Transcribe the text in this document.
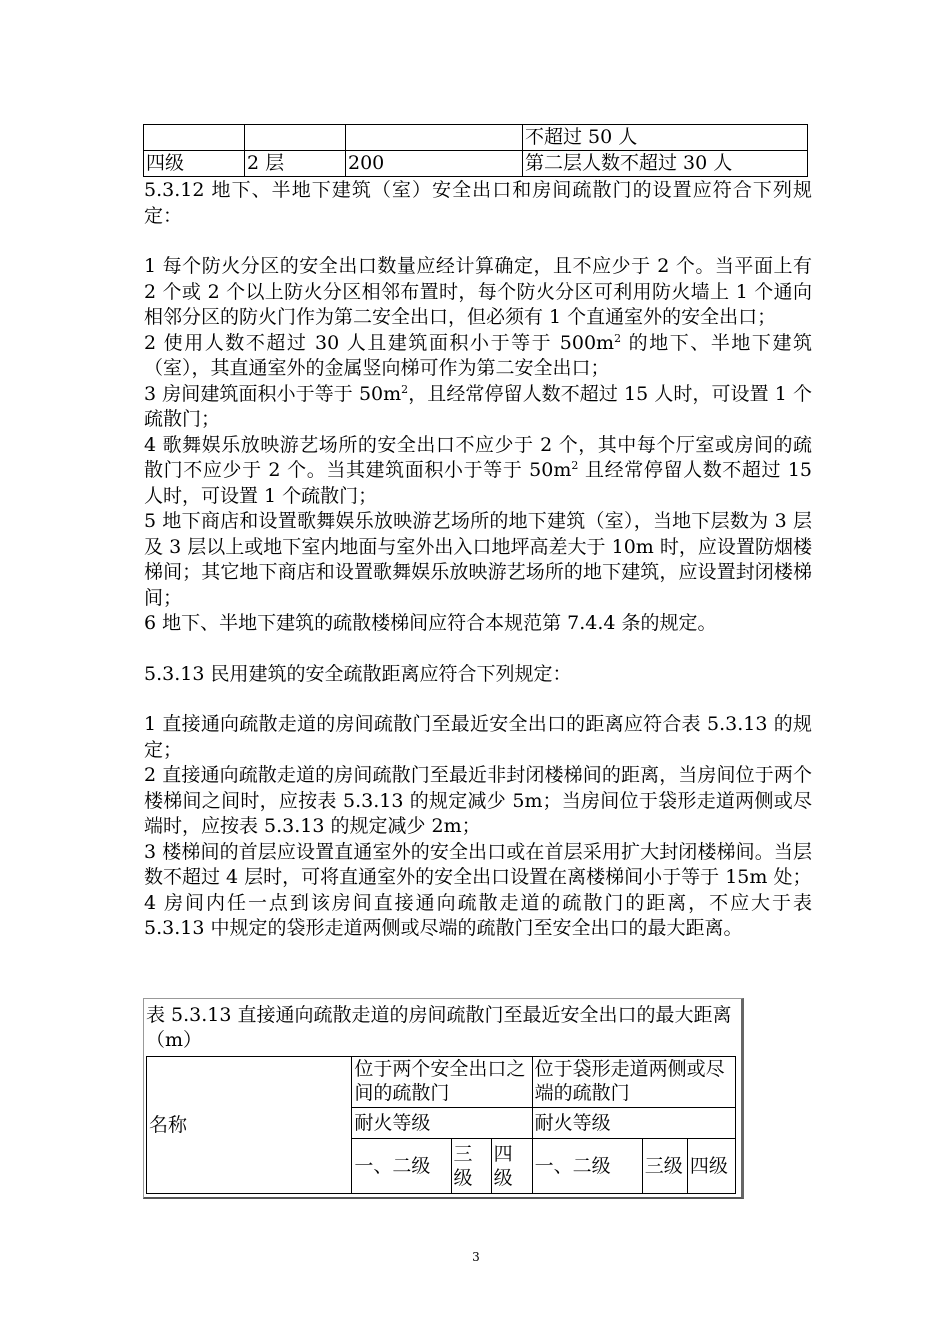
			不超过 50 人
四级	2 层	200	第二层人数不超过 30 人

5.3.12 地下、半地下建筑（室）安全出口和房间疏散门的设置应符合下列规定：

1 每个防火分区的安全出口数量应经计算确定，且不应少于 2 个。当平面上有 2 个或 2 个以上防火分区相邻布置时，每个防火分区可利用防火墙上 1 个通向相邻分区的防火门作为第二安全出口，但必须有 1 个直通室外的安全出口；

2 使用人数不超过 30 人且建筑面积小于等于 $500m^2$ 的地下、半地下建筑（室），其直通室外的金属竖向梯可作为第二安全出口；

3 房间建筑面积小于等于 $50m^2$，且经常停留人数不超过 15 人时，可设置 1 个疏散门；

4 歌舞娱乐放映游艺场所的安全出口不应少于 2 个，其中每个厅室或房间的疏散门不应少于 2 个。当其建筑面积小于等于 $50m^2$ 且经常停留人数不超过 15 人时，可设置 1 个疏散门；

5 地下商店和设置歌舞娱乐放映游艺场所的地下建筑（室），当地下层数为 3 层及 3 层以上或地下室内地面与室外出入口地坪高差大于 10m 时，应设置防烟楼梯间；其它地下商店和设置歌舞娱乐放映游艺场所的地下建筑，应设置封闭楼梯间；

6 地下、半地下建筑的疏散楼梯间应符合本规范第 7.4.4 条的规定。

5.3.13 民用建筑的安全疏散距离应符合下列规定：

1 直接通向疏散走道的房间疏散门至最近安全出口的距离应符合表 5.3.13 的规定；

2 直接通向疏散走道的房间疏散门至最近非封闭楼梯间的距离，当房间位于两个楼梯间之间时，应按表 5.3.13 的规定减少 5m；当房间位于袋形走道两侧或尽端时，应按表 5.3.13 的规定减少 2m；

3 楼梯间的首层应设置直通室外的安全出口或在首层采用扩大封闭楼梯间。当层数不超过 4 层时，可将直通室外的安全出口设置在离楼梯间小于等于 15m 处；

4 房间内任一点到该房间直接通向疏散走道的疏散门的距离，不应大于表 5.3.13 中规定的袋形走道两侧或尽端的疏散门至安全出口的最大距离。

表 5.3.13 直接通向疏散走道的房间疏散门至最近安全出口的最大距离（m）
名称	位于两个安全出口之间的疏散门			位于袋形走道两侧或尽端的疏散门		
	耐火等级			耐火等级		
	一、二级	三级	四级	一、二级	三级	四级
3
